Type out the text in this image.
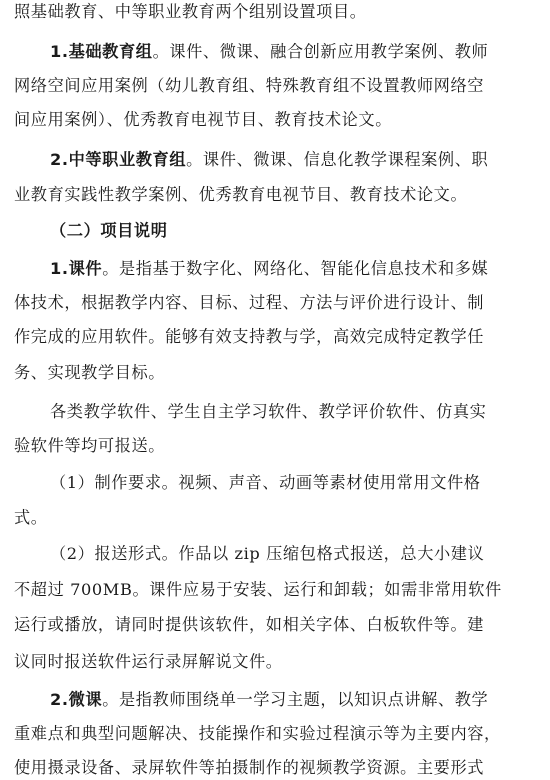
照基础教育、中等职业教育两个组别设置项目。
1.基础教育组。课件、微课、融合创新应用教学案例、教师
网络空间应用案例（幼儿教育组、特殊教育组不设置教师网络空
间应用案例）、优秀教育电视节目、教育技术论文。
2.中等职业教育组。课件、微课、信息化教学课程案例、职
业教育实践性教学案例、优秀教育电视节目、教育技术论文。
（二）项目说明
1.课件。是指基于数字化、网络化、智能化信息技术和多媒
体技术，根据教学内容、目标、过程、方法与评价进行设计、制
作完成的应用软件。能够有效支持教与学，高效完成特定教学任
务、实现教学目标。
各类教学软件、学生自主学习软件、教学评价软件、仿真实
验软件等均可报送。
（1）制作要求。视频、声音、动画等素材使用常用文件格
式。
（2）报送形式。作品以 zip 压缩包格式报送，总大小建议
不超过 700MB。课件应易于安装、运行和卸载；如需非常用软件
运行或播放，请同时提供该软件，如相关字体、白板软件等。建
议同时报送软件运行录屏解说文件。
2.微课。是指教师围绕单一学习主题，以知识点讲解、教学
重难点和典型问题解决、技能操作和实验过程演示等为主要内容，
使用摄录设备、录屏软件等拍摄制作的视频教学资源。主要形式
